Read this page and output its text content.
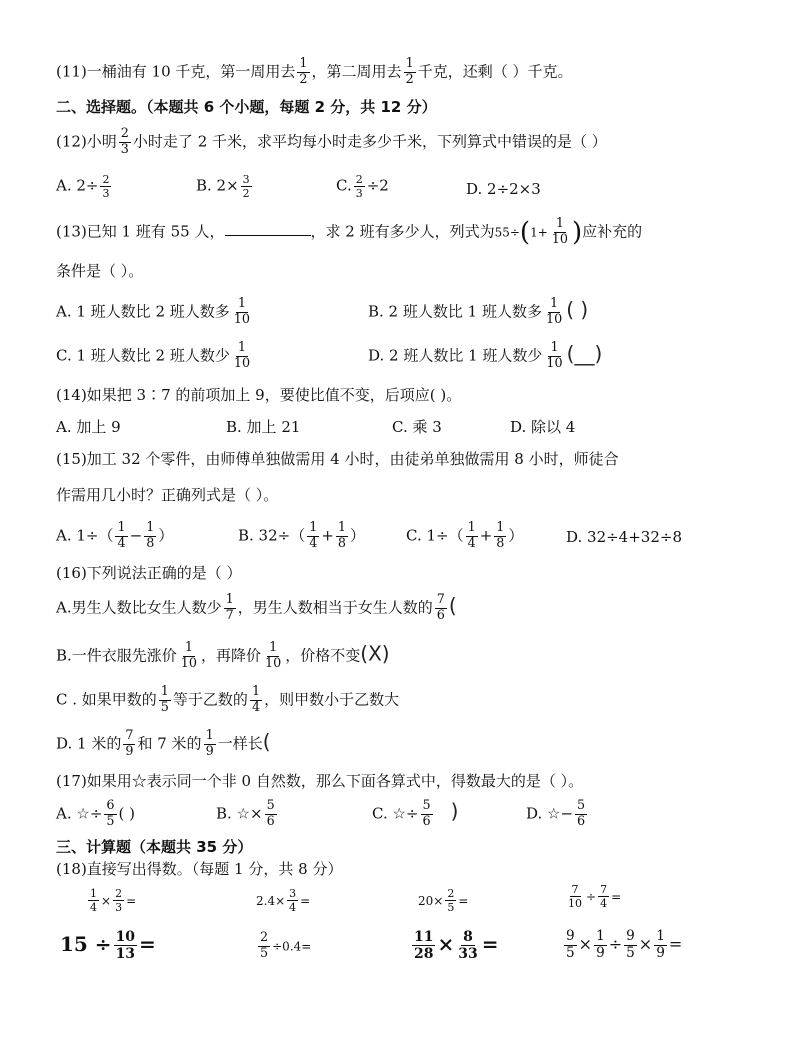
(11)一桶油有 10 千克，第一周用去 $\frac{1}{2}$ ，第二周用去 $\frac{1}{2}$ 千克，还剩（ ）千克。
二、选择题。（本题共 6 个小题，每题 2 分，共 12 分）
(12)小明 $\frac{2}{3}$ 小时走了 2 千米，求平均每小时走多少千米，下列算式中错误的是（ ）
A. $2\div \frac{2}{3}$	B. $2\times \frac{3}{2}$	C. $\frac{2}{3} \div 2$	D. 2÷2×3
(13)已知 1 班有 55 人，	，求 2 班有多少人，列式为$55\div(1+ \frac{1}{10}$ )应补充的
条件是（ ）。
A. 1 班人数比 2 班人数多 $\frac{1}{10}$	B. 2 班人数比 1 班人数多 $\frac{1}{10}$ ( )
C. 1 班人数比 2 班人数少 $\frac{1}{10}$	D. 2 班人数比 1 班人数少 $\frac{1}{10}$ (__)
(14)如果把 3∶7 的前项加上 9，要使比值不变，后项应( )。
A. 加上 9	B. 加上 21	C. 乘 3	D. 除以 4
(15)加工 32 个零件，由师傅单独做需用 4 小时，由徒弟单独做需用 8 小时，师徒合
作需用几小时？正确列式是（ ）。
A. $1\div( \frac{1}{4} - \frac{1}{8}$ ）	B. $32\div( \frac{1}{4} + \frac{1}{8}$ ）	C. $1\div( \frac{1}{4} + \frac{1}{8}$ ）	D. 32÷4+32÷8
(16)下列说法正确的是（ ）
A.男生人数比女生人数少 $\frac{1}{7}$ ，男生人数相当于女生人数的 $\frac{7}{6}$ (
B.一件衣服先涨价 $\frac{1}{10}$ ，再降价 $\frac{1}{10}$ ，价格不变(X)
C . 如果甲数的 $\frac{1}{5}$ 等于乙数的 $\frac{1}{4}$ ，则甲数小于乙数大
D. 1 米的 $\frac{7}{9}$ 和 7 米的 $\frac{1}{9}$ 一样长(
(17)如果用☆表示同一个非 0 自然数，那么下面各算式中，得数最大的是（ ）。
A. ☆÷ $\frac{6}{5}$ ( )	B. ☆× $\frac{5}{6}$	C. ☆÷ $\frac{5}{6}$ )	D. ☆− $\frac{5}{6}$
三、计算题（本题共 35 分）
(18)直接写出得数。（每题 1 分，共 8 分）
$\frac{1}{4} \times \frac{2}{3}$ =	$2.4\times \frac{3}{4}$ =	$20\times \frac{2}{5}$ =	$\frac{7}{10} \div \frac{7}{4}$ =
$15 \div \frac{10}{13}$ =	$\frac{2}{5} \div 0.4=$	$\frac{11}{28} \times \frac{8}{33}$ =	$\frac{9}{5} \times \frac{1}{9} \div \frac{9}{5} \times \frac{1}{9}$ =
